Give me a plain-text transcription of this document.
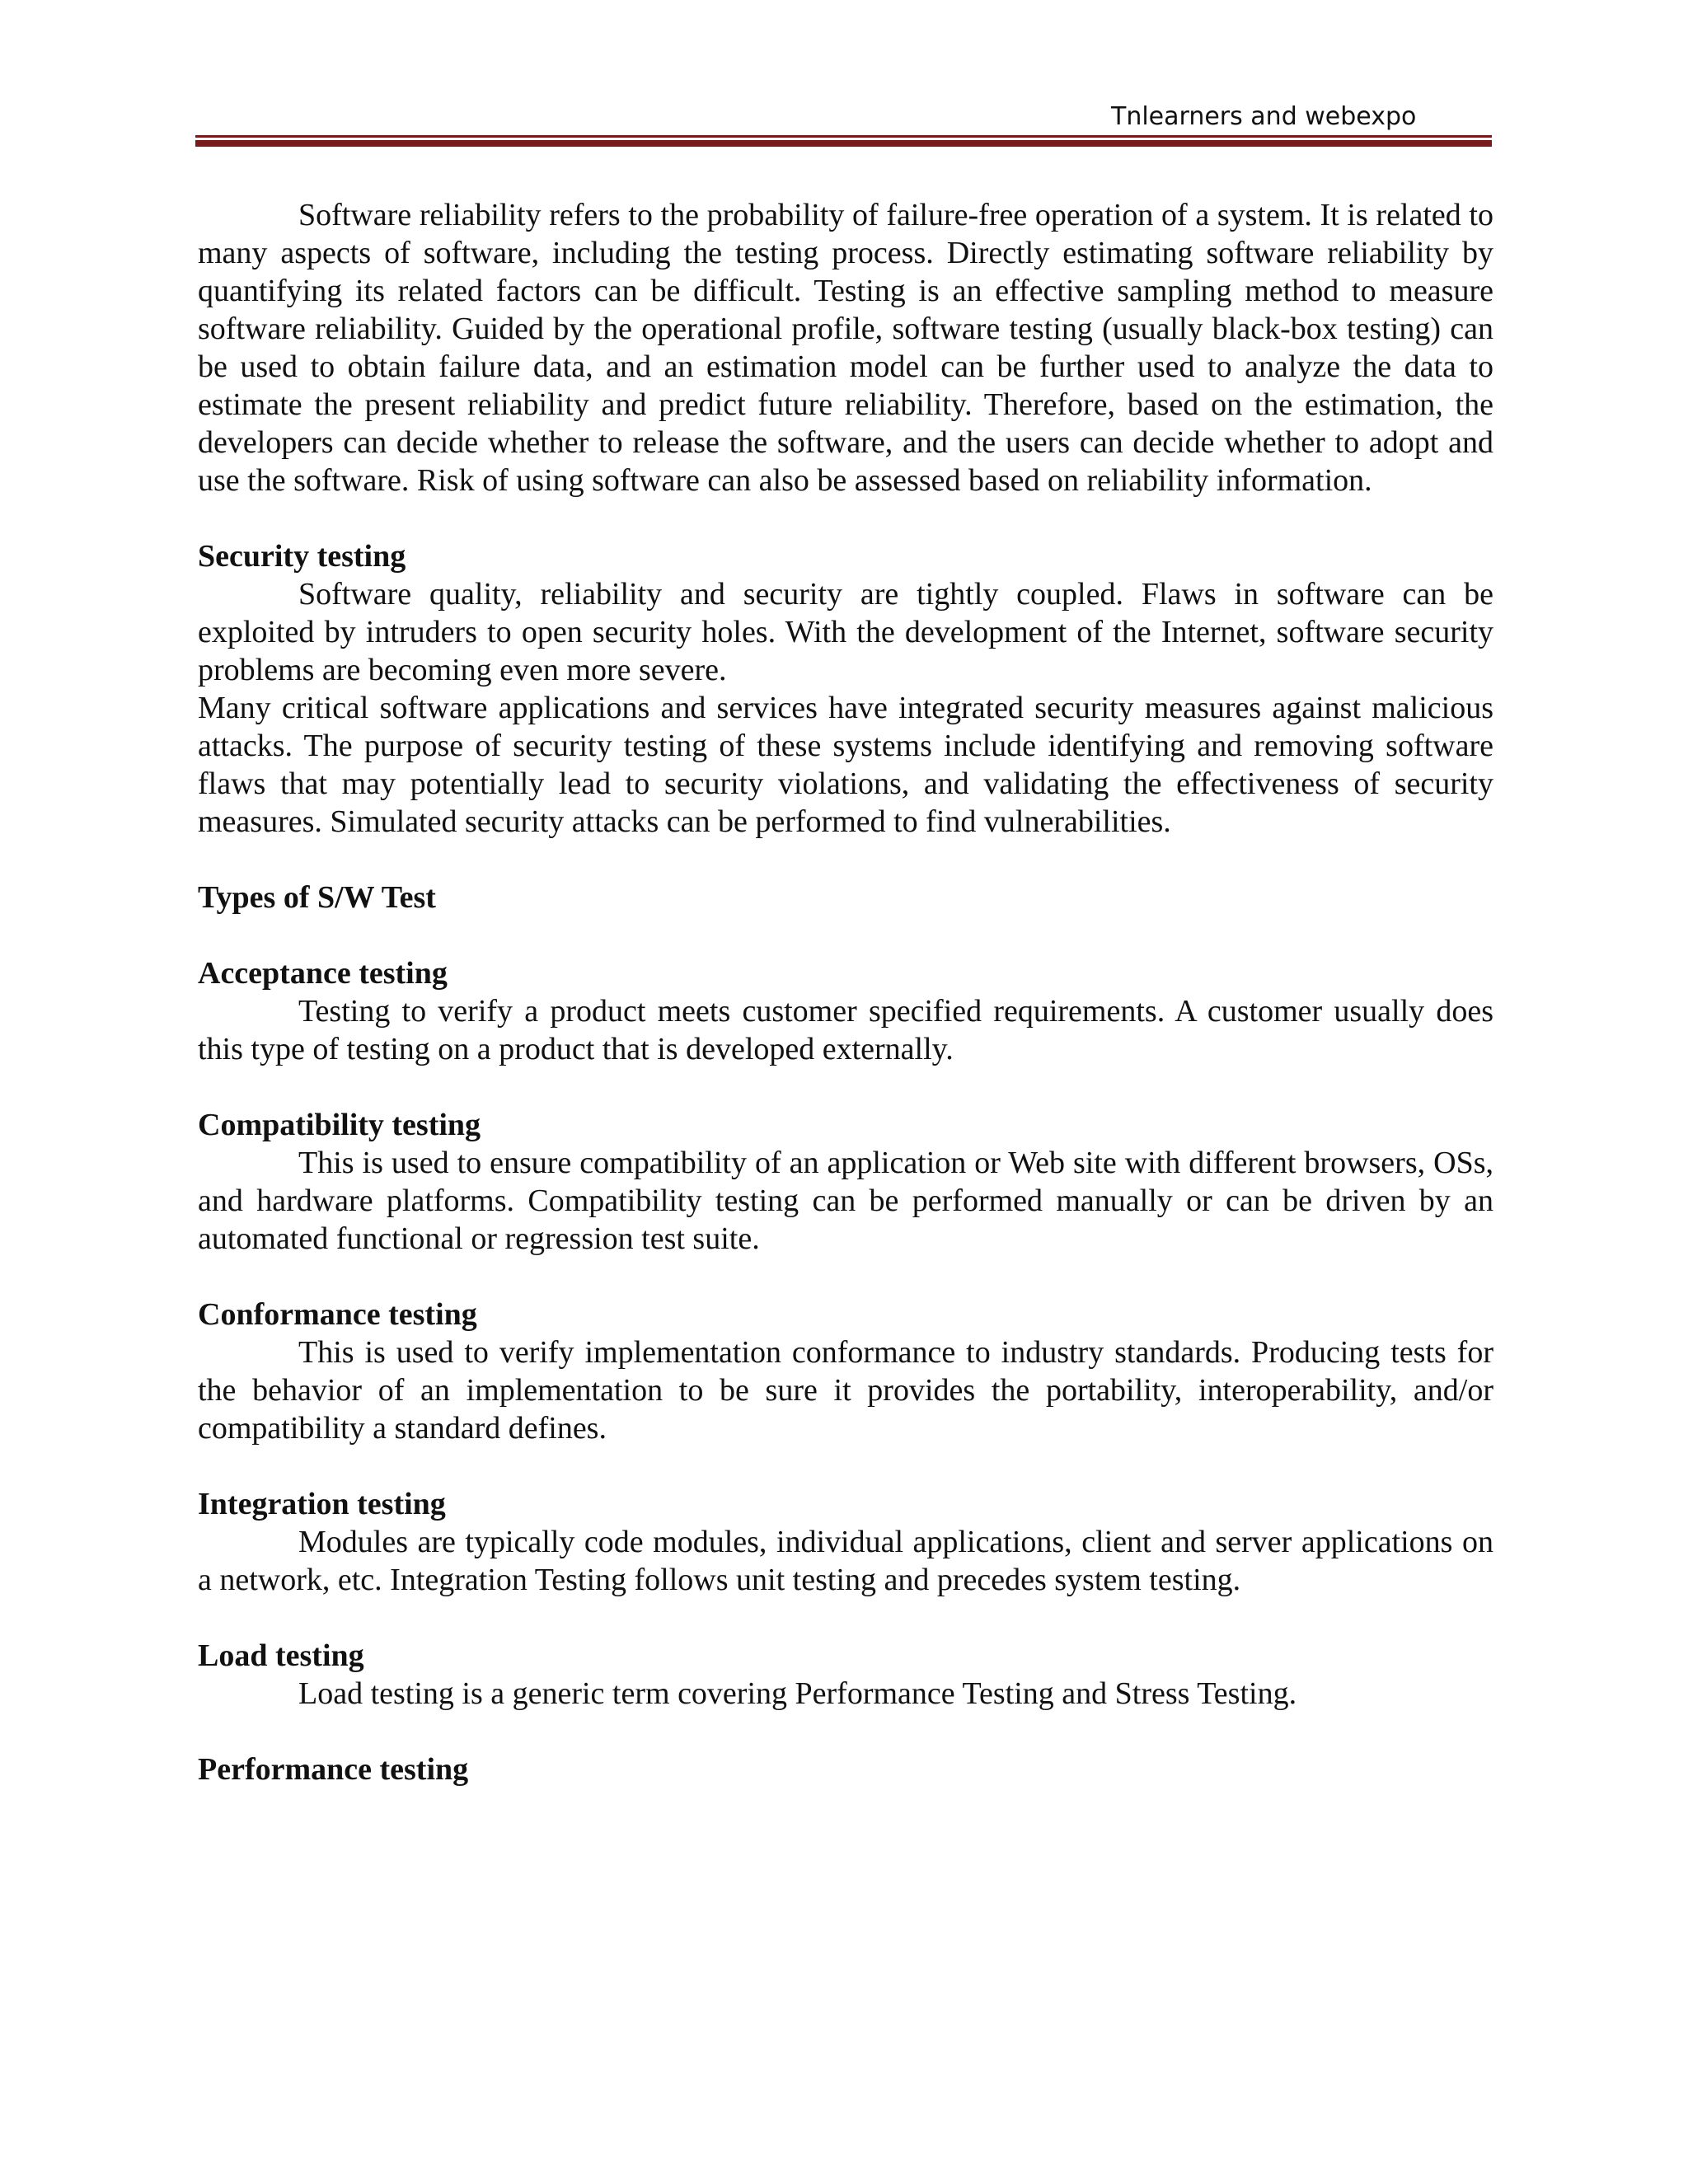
Tnlearners and webexpo

Software reliability refers to the probability of failure-free operation of a system. It is related to many aspects of software, including the testing process. Directly estimating software reliability by quantifying its related factors can be difficult. Testing is an effective sampling method to measure software reliability. Guided by the operational profile, software testing (usually black-box testing) can be used to obtain failure data, and an estimation model can be further used to analyze the data to estimate the present reliability and predict future reliability. Therefore, based on the estimation, the developers can decide whether to release the software, and the users can decide whether to adopt and use the software. Risk of using software can also be assessed based on reliability information.

Security testing

Software quality, reliability and security are tightly coupled. Flaws in software can be exploited by intruders to open security holes. With the development of the Internet, software security problems are becoming even more severe.

Many critical software applications and services have integrated security measures against malicious attacks. The purpose of security testing of these systems include identifying and removing software flaws that may potentially lead to security violations, and validating the effectiveness of security measures. Simulated security attacks can be performed to find vulnerabilities.

Types of S/W Test
Acceptance testing

Testing to verify a product meets customer specified requirements. A customer usually does this type of testing on a product that is developed externally.

Compatibility testing

This is used to ensure compatibility of an application or Web site with different browsers, OSs, and hardware platforms. Compatibility testing can be performed manually or can be driven by an automated functional or regression test suite.

Conformance testing

This is used to verify implementation conformance to industry standards. Producing tests for the behavior of an implementation to be sure it provides the portability, interoperability, and/or compatibility a standard defines.

Integration testing

Modules are typically code modules, individual applications, client and server applications on a network, etc. Integration Testing follows unit testing and precedes system testing.

Load testing

Load testing is a generic term covering Performance Testing and Stress Testing.

Performance testing
